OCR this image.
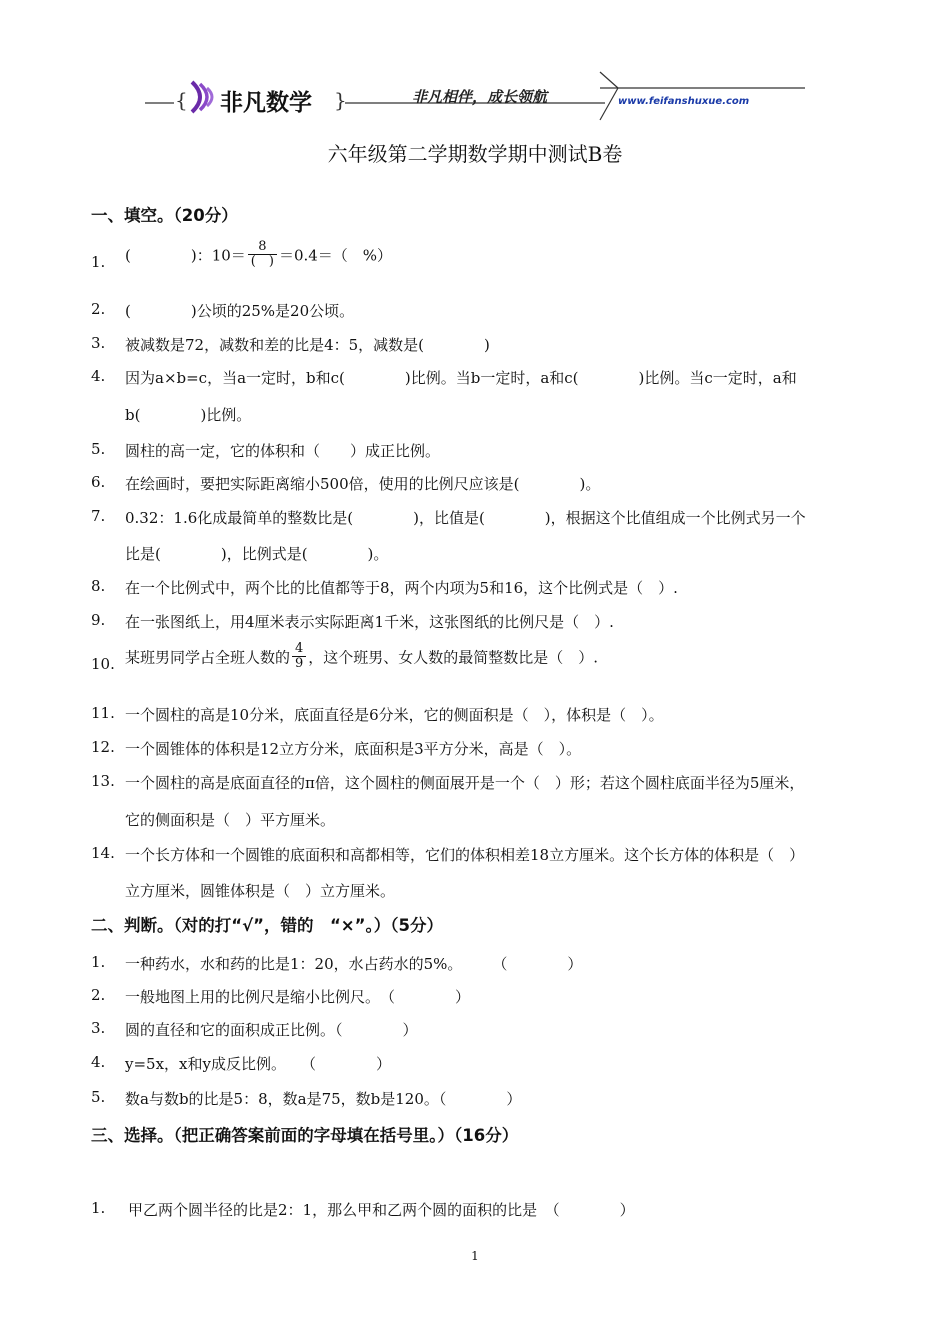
{ 非凡数学 }	非凡相伴，成长领航	www.feifanshuxue.com
六年级第二学期数学期中测试B卷
一、填空。（20分）
1. (　　　　)：$10= \frac{8}{( )} =0.4=$（　%）
2. (　　　　)公顷的25%是20公顷。
3. 被减数是72，减数和差的比是4：5，减数是(　　　　)
4. 因为a×b=c，当a一定时，b和c(　　　　)比例。当b一定时，a和c(　　　　)比例。当c一定时，a和
b(　　　　)比例。
5. 圆柱的高一定，它的体积和（　　）成正比例。
6. 在绘画时，要把实际距离缩小500倍，使用的比例尺应该是(　　　　)。
7. 0.32：1.6化成最简单的整数比是(　　　　)，比值是(　　　　)，根据这个比值组成一个比例式另一个
比是(　　　　)，比例式是(　　　　)。
8. 在一个比例式中，两个比的比值都等于8，两个内项为5和16，这个比例式是（　）.
9. 在一张图纸上，用4厘米表示实际距离1千米，这张图纸的比例尺是（　）.
10. 某班男同学占全班人数的 $\frac{4}{9}$ ，这个班男、女人数的最简整数比是（　）.
11. 一个圆柱的高是10分米，底面直径是6分米，它的侧面积是（　），体积是（　）。
12. 一个圆锥体的体积是12立方分米，底面积是3平方分米，高是（　）。
13. 一个圆柱的高是底面直径的π倍，这个圆柱的侧面展开是一个（　）形；若这个圆柱底面半径为5厘米，
它的侧面积是（　）平方厘米。
14. 一个长方体和一个圆锥的底面积和高都相等，它们的体积相差18立方厘米。这个长方体的体积是（　）
立方厘米，圆锥体积是（　）立方厘米。
二、判断。（对的打“√”，错的　“×”。）（5分）
1. 一种药水，水和药的比是1：20，水占药水的5%。　　　（　　　　）
2. 一般地图上用的比例尺是缩小比例尺。　（　　　　）
3. 圆的直径和它的面积成正比例。（　　　　）
4. y=5x，x和y成反比例。　　（　　　　）
5. 数a与数b的比是5：8，数a是75，数b是120。（　　　　）
三、选择。（把正确答案前面的字母填在括号里。）（16分）
1. 甲乙两个圆半径的比是2：1，那么甲和乙两个圆的面积的比是　（　　　　）
1
